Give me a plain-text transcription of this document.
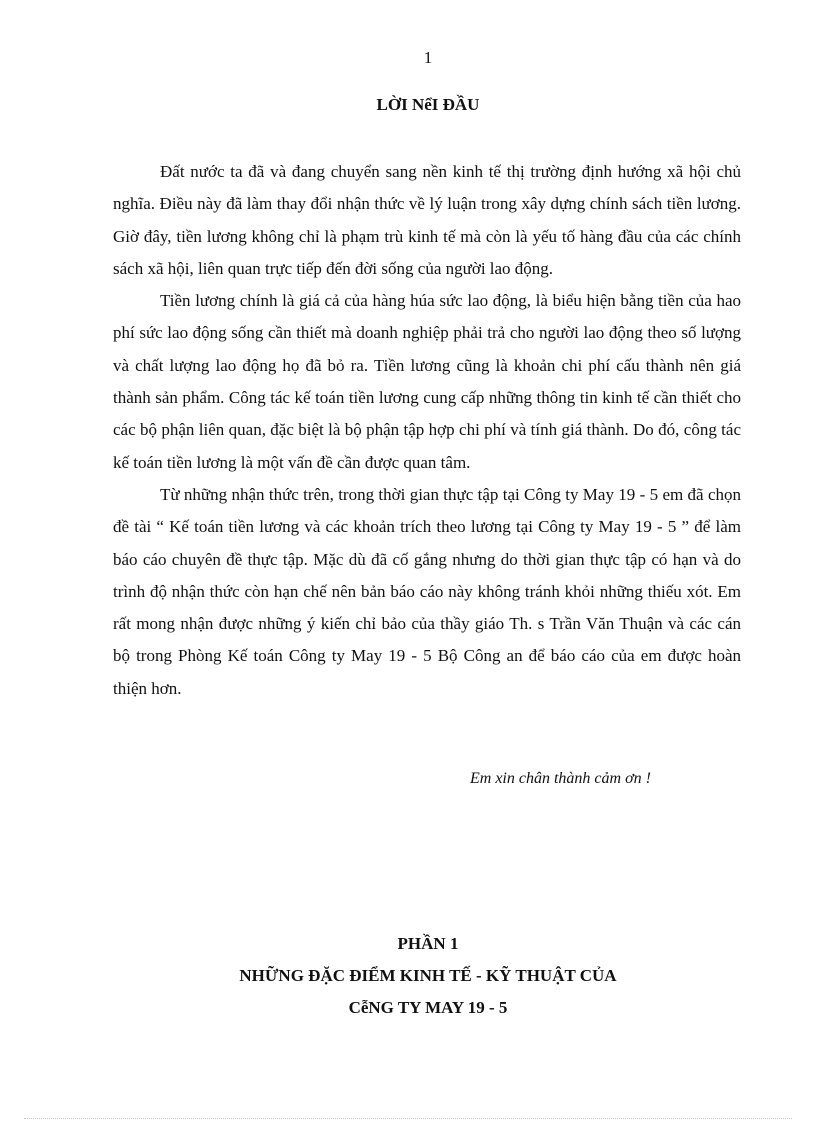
1
LỜI NểI ĐẦU

Đất nước ta đã và đang chuyển sang nền kinh tế thị trường định hướng xã hội chủ nghĩa. Điều này đã làm thay đổi nhận thức về lý luận trong xây dựng chính sách tiền lương. Giờ đây, tiền lương không chỉ là phạm trù kinh tế mà còn là yếu tố hàng đầu của các chính sách xã hội, liên quan trực tiếp đến đời sống của người lao động.

Tiền lương chính là giá cả của hàng húa sức lao động, là biểu hiện bằng tiền của hao phí sức lao động sống cần thiết mà doanh nghiệp phải trả cho người lao động theo số lượng và chất lượng lao động họ đã bỏ ra. Tiền lương cũng là khoản chi phí cấu thành nên giá thành sản phẩm. Công tác kế toán tiền lương cung cấp những thông tin kinh tế cần thiết cho các bộ phận liên quan, đặc biệt là bộ phận tập hợp chi phí và tính giá thành. Do đó, công tác kế toán tiền lương là một vấn đề cần được quan tâm.

Từ những nhận thức trên, trong thời gian thực tập tại Công ty May 19 - 5 em đã chọn đề tài “ Kế toán tiền lương và các khoản trích theo lương tại Công ty May 19 - 5 ” để làm báo cáo chuyên đề thực tập. Mặc dù đã cố gắng nhưng do thời gian thực tập có hạn và do trình độ nhận thức còn hạn chế nên bản báo cáo này không tránh khỏi những thiếu xót. Em rất mong nhận được những ý kiến chỉ bảo của thầy giáo Th. s Trần Văn Thuận và các cán bộ trong Phòng Kế toán Công ty May 19 - 5 Bộ Công an để báo cáo của em được hoàn thiện hơn.

Em xin chân thành cảm ơn !
PHẦN 1
NHỮNG ĐẶC ĐIỂM KINH TẾ - KỸ THUẬT CỦA
CễNG TY MAY 19 - 5
